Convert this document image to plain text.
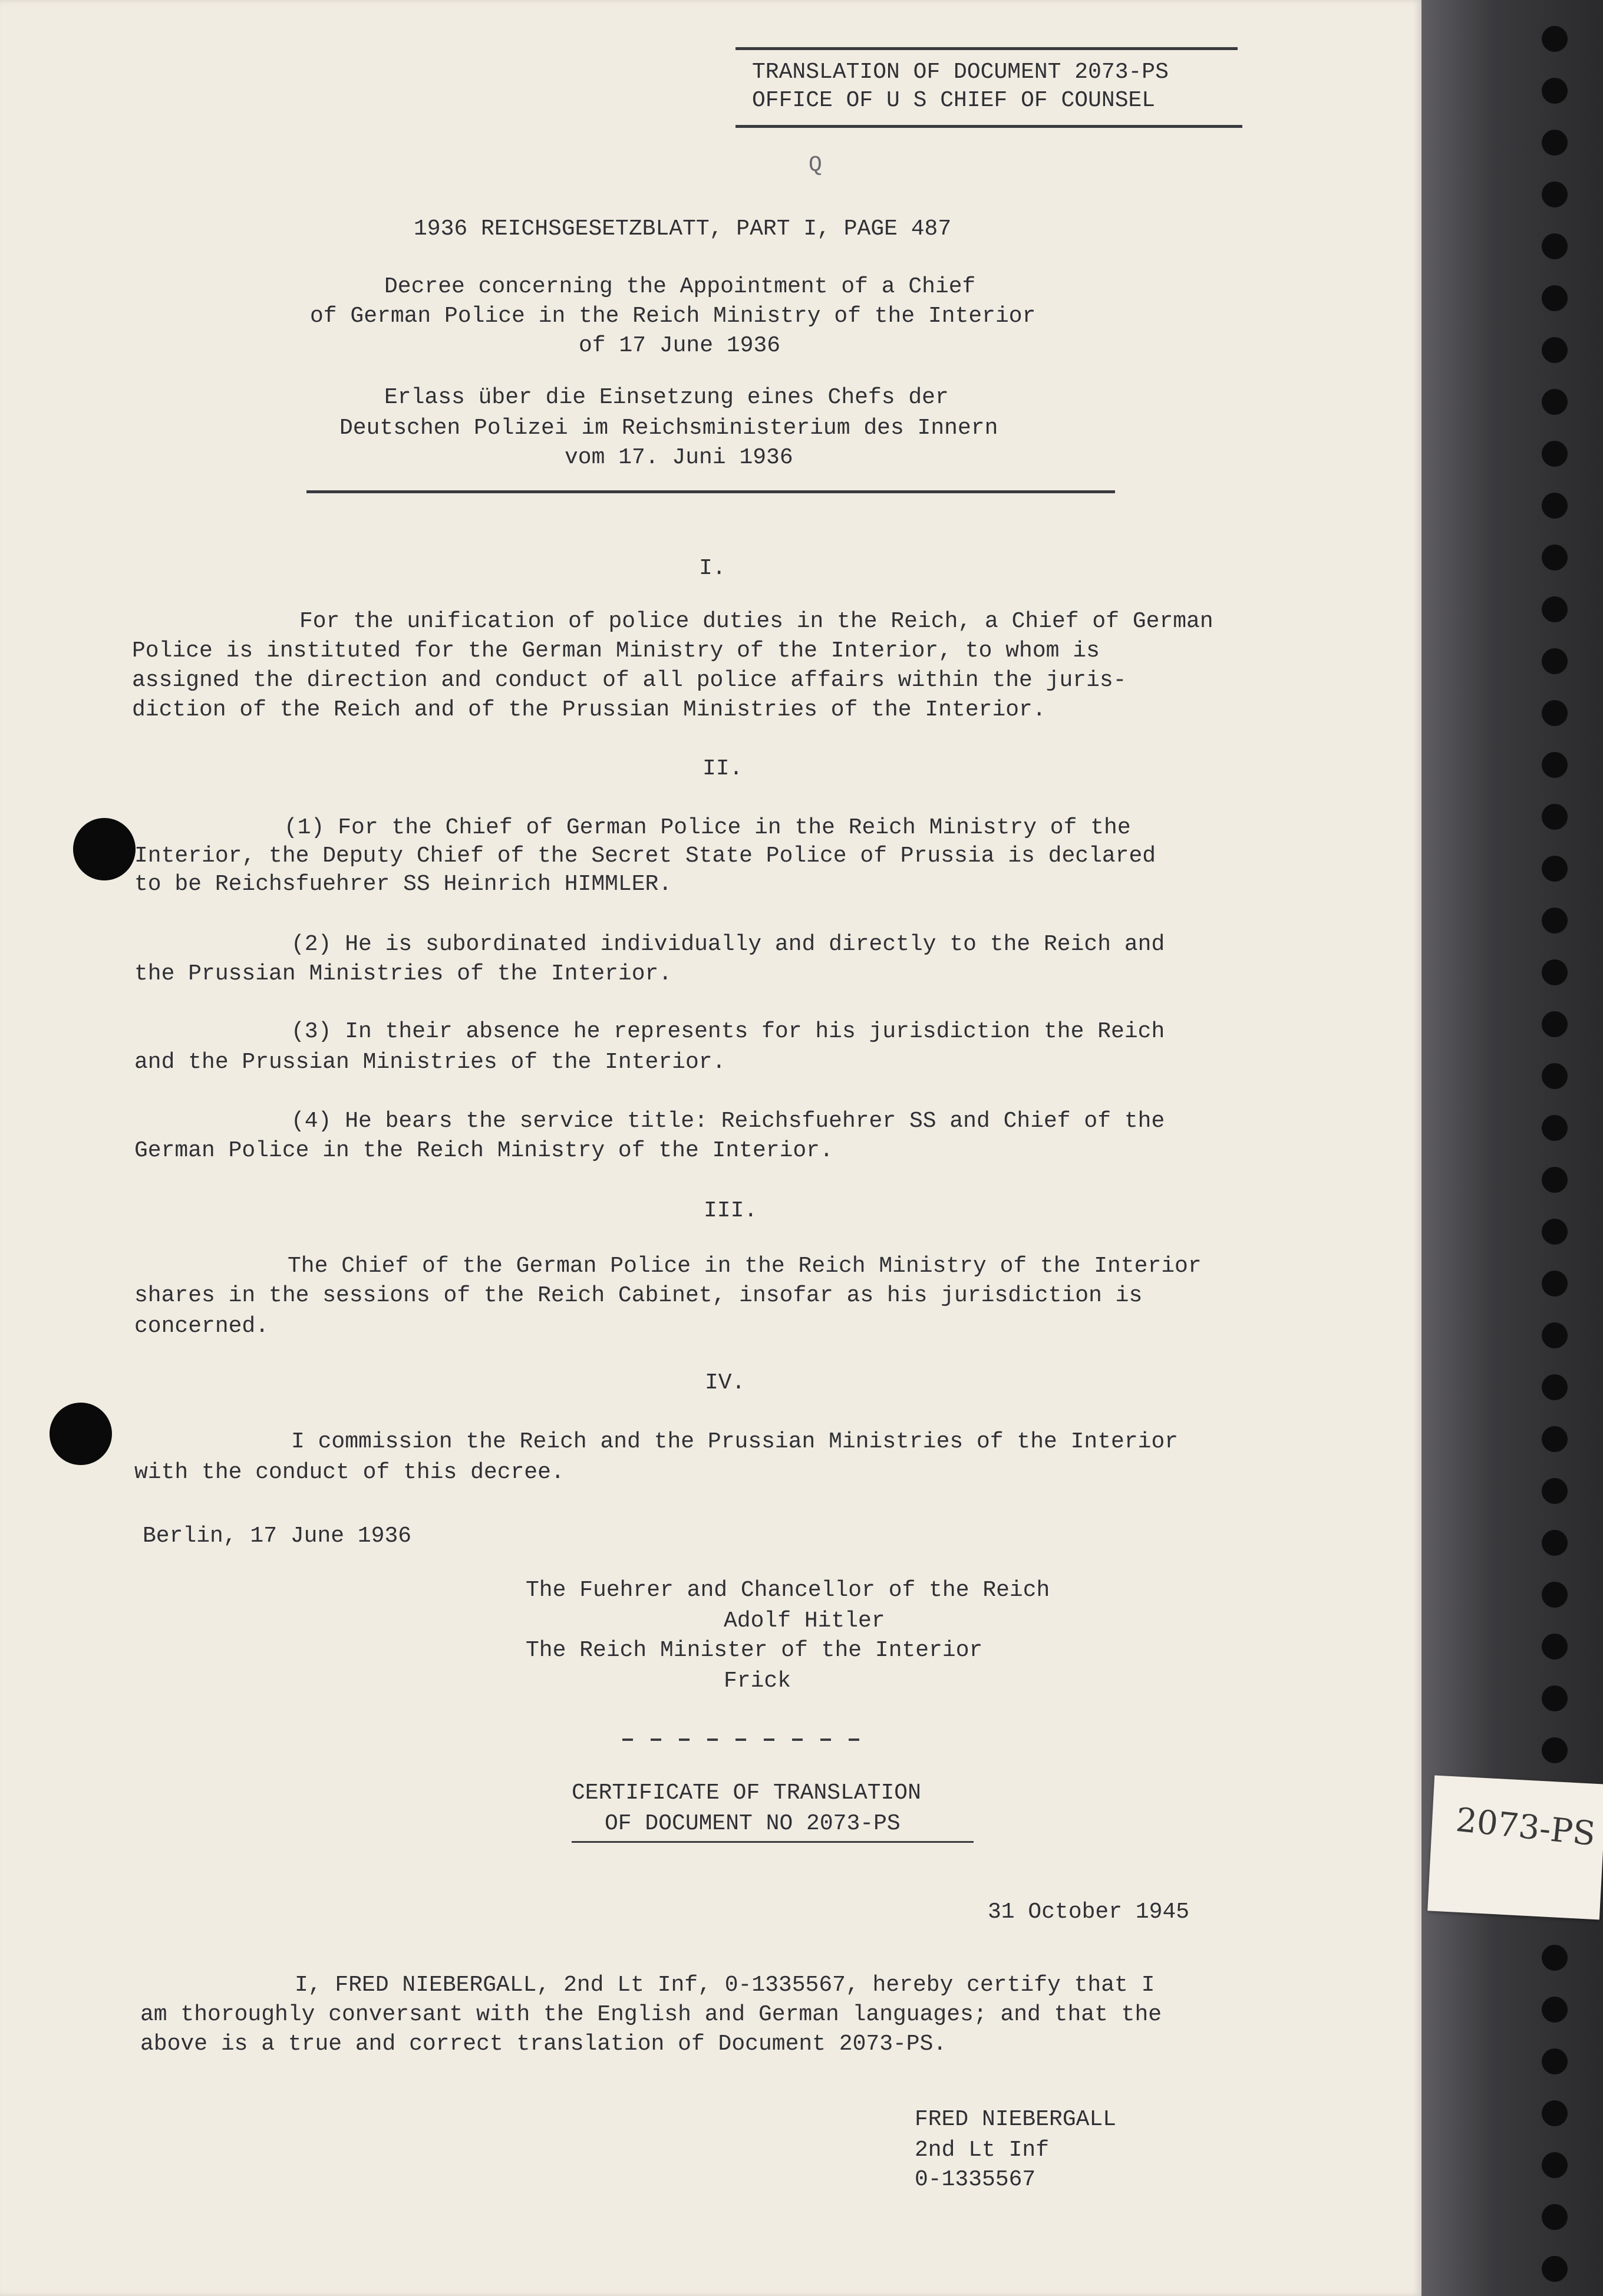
TRANSLATION OF DOCUMENT 2073-PS
OFFICE OF U S CHIEF OF COUNSEL
Q
1936 REICHSGESETZBLATT, PART I, PAGE 487
Decree concerning the Appointment of a Chief
of German Police in the Reich Ministry of the Interior
of 17 June 1936
Erlass über die Einsetzung eines Chefs der
Deutschen Polizei im Reichsministerium des Innern
vom 17. Juni 1936
I.
For the unification of police duties in the Reich, a Chief of German
Police is instituted for the German Ministry of the Interior, to whom is
assigned the direction and conduct of all police affairs within the juris-
diction of the Reich and of the Prussian Ministries of the Interior.
II.
(1) For the Chief of German Police in the Reich Ministry of the
Interior, the Deputy Chief of the Secret State Police of Prussia is declared
to be Reichsfuehrer SS Heinrich HIMMLER.
(2) He is subordinated individually and directly to the Reich and
the Prussian Ministries of the Interior.
(3) In their absence he represents for his jurisdiction the Reich
and the Prussian Ministries of the Interior.
(4) He bears the service title: Reichsfuehrer SS and Chief of the
German Police in the Reich Ministry of the Interior.
III.
The Chief of the German Police in the Reich Ministry of the Interior
shares in the sessions of the Reich Cabinet, insofar as his jurisdiction is
concerned.
IV.
I commission the Reich and the Prussian Ministries of the Interior
with the conduct of this decree.
Berlin, 17 June 1936
The Fuehrer and Chancellor of the Reich
Adolf Hitler
The Reich Minister of the Interior
Frick
CERTIFICATE OF TRANSLATION
OF DOCUMENT NO 2073-PS
31 October 1945
I, FRED NIEBERGALL, 2nd Lt Inf, 0-1335567, hereby certify that I
am thoroughly conversant with the English and German languages; and that the
above is a true and correct translation of Document 2073-PS.
FRED NIEBERGALL
2nd Lt Inf
0-1335567
2073-PS
